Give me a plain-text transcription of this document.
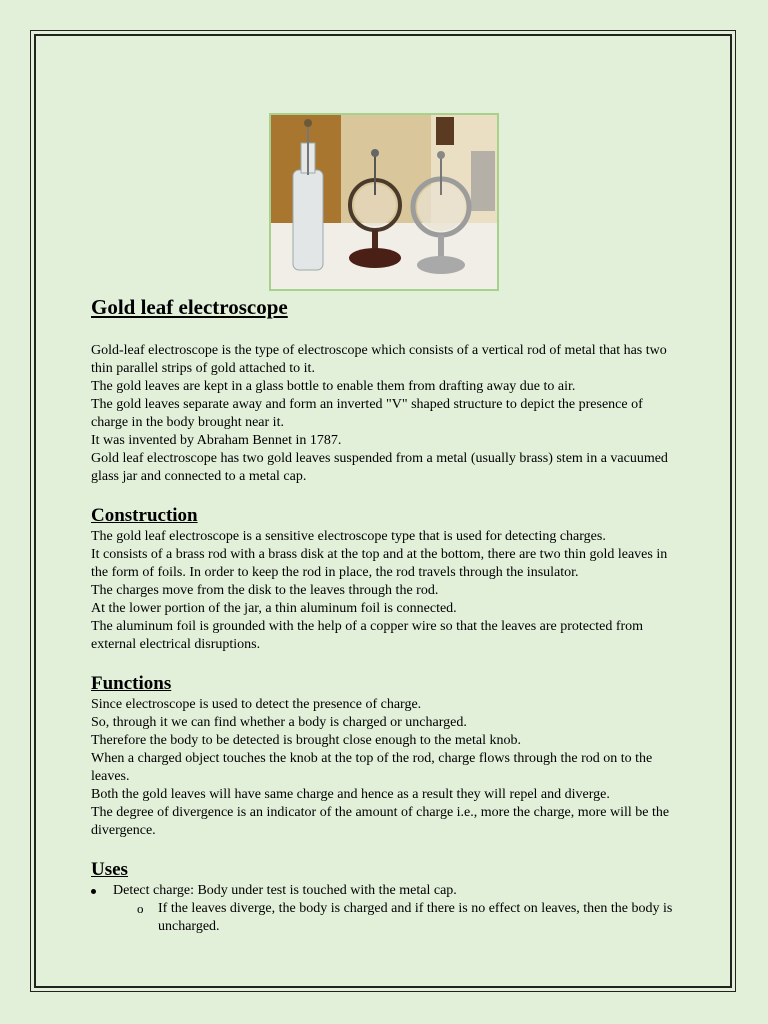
Gold leaf electroscope

Gold-leaf electroscope is the type of electroscope which consists of a vertical rod of metal that has two thin parallel strips of gold attached to it.

The gold leaves are kept in a glass bottle to enable them from drafting away due to air.

The gold leaves separate away and form an inverted "V" shaped structure to depict the presence of charge in the body brought near it.

It was invented by Abraham Bennet in 1787.

Gold leaf electroscope has two gold leaves suspended from a metal (usually brass) stem in a vacuumed glass jar and connected to a metal cap.

Construction

The gold leaf electroscope is a sensitive electroscope type that is used for detecting charges.

It consists of a brass rod with a brass disk at the top and at the bottom, there are two thin gold leaves in the form of foils. In order to keep the rod in place, the rod travels through the insulator.

The charges move from the disk to the leaves through the rod.

At the lower portion of the jar, a thin aluminum foil is connected.

The aluminum foil is grounded with the help of a copper wire so that the leaves are protected from external electrical disruptions.

Functions

Since electroscope is used to detect the presence of charge.

So, through it we can find whether a body is charged or uncharged.

Therefore the body to be detected is brought close enough to the metal knob.

When a charged object touches the knob at the top of the rod, charge flows through the rod on to the leaves.

Both the gold leaves will have same charge and hence as a result they will repel and diverge.

The degree of divergence is an indicator of the amount of charge i.e., more the charge, more will be the divergence.

Uses
Detect charge: Body under test is touched with the metal cap.
o If the leaves diverge, the body is charged and if there is no effect on leaves, then the body is uncharged.
